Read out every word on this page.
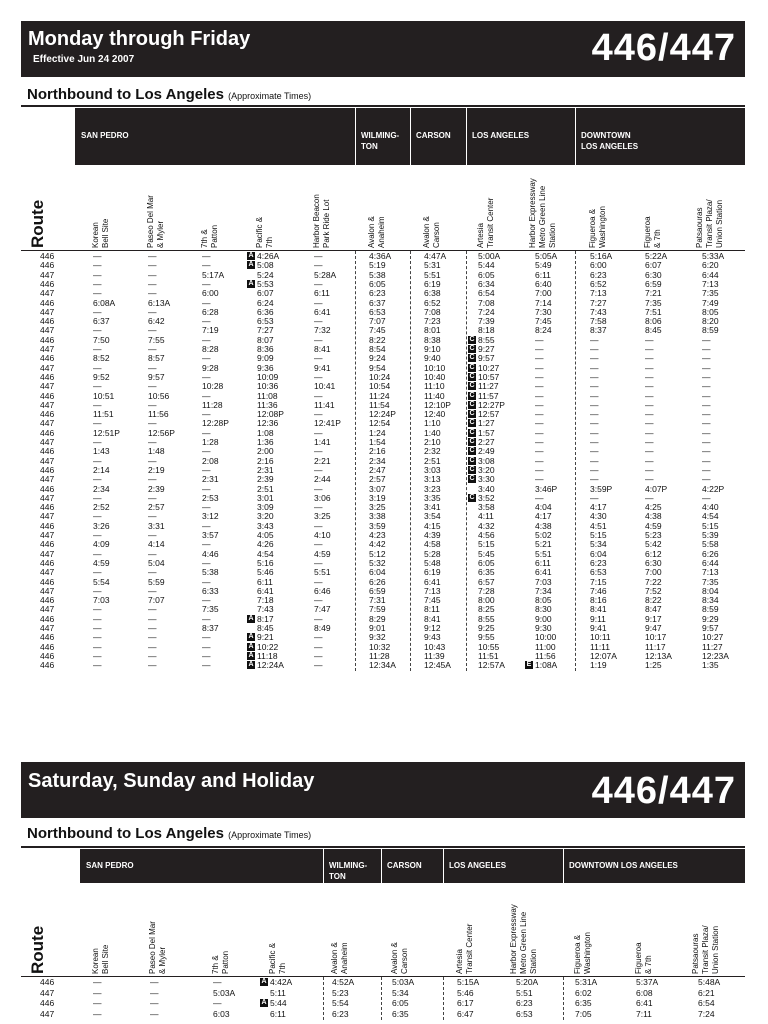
Monday through Friday
Effective Jun 24 2007	446/447
Northbound to Los Angeles (Approximate Times)
SAN PEDRO	WILMING-
TON
CARSON	LOS ANGELES	DOWNTOWN
LOS ANGELES
Route	Korean
Bell Site	Paseo Del Mar
& Myler
7th &
Patton	Pacific &
7th	Harbor Beacon
Park Ride Lot
Avalon &
Anaheim	Avalon &
Carson	Artesia
Transit Center
Harbor Expressway
Metro Green Line
Station	Figueroa &
Washington	Figueroa
& 7th	Patsaouras
Transit Plaza/
Union Station
446	—	—	—	A 4:26A	—	4:36A	4:47A	5:00A	5:05A	5:16A	5:22A	5:33A
446	—	—	—	A 5:08	—	5:19	5:31	5:44	5:49	6:00	6:07	6:20
447	—	—	5:17A	5:24	5:28A	5:38	5:51	6:05	6:11	6:23	6:30	6:44
446	—	—	—	A 5:53	—	6:05	6:19	6:34	6:40	6:52	6:59	7:13
447	—	—	6:00	6:07	6:11	6:23	6:38	6:54	7:00	7:13	7:21	7:35
446	6:08A	6:13A	—	6:24	—	6:37	6:52	7:08	7:14	7:27	7:35	7:49
447	—	—	6:28	6:36	6:41	6:53	7:08	7:24	7:30	7:43	7:51	8:05
446	6:37	6:42	—	6:53	—	7:07	7:23	7:39	7:45	7:58	8:06	8:20
447	—	—	7:19	7:27	7:32	7:45	8:01	8:18	8:24	8:37	8:45	8:59
446	7:50	7:55	—	8:07	—	8:22	8:38	C 8:55	—	—	—	—
447	—	—	8:28	8:36	8:41	8:54	9:10	C 9:27	—	—	—	—
446	8:52	8:57	—	9:09	—	9:24	9:40	C 9:57	—	—	—	—
447	—	—	9:28	9:36	9:41	9:54	10:10	C 10:27	—	—	—	—
446	9:52	9:57	—	10:09	—	10:24	10:40	C 10:57	—	—	—	—
447	—	—	10:28	10:36	10:41	10:54	11:10	C 11:27	—	—	—	—
446	10:51	10:56	—	11:08	—	11:24	11:40	C 11:57	—	—	—	—
447	—	—	11:28	11:36	11:41	11:54	12:10P	C 12:27P	—	—	—	—
446	11:51	11:56	—	12:08P	—	12:24P	12:40	C 12:57	—	—	—	—
447	—	—	12:28P	12:36	12:41P	12:54	1:10	C 1:27	—	—	—	—
446	12:51P	12:56P	—	1:08	—	1:24	1:40	C 1:57	—	—	—	—
447	—	—	1:28	1:36	1:41	1:54	2:10	C 2:27	—	—	—	—
446	1:43	1:48	—	2:00	—	2:16	2:32	C 2:49	—	—	—	—
447	—	—	2:08	2:16	2:21	2:34	2:51	C 3:08	—	—	—	—
446	2:14	2:19	—	2:31	—	2:47	3:03	C 3:20	—	—	—	—
447	—	—	2:31	2:39	2:44	2:57	3:13	C 3:30	—	—	—	—
446	2:34	2:39	—	2:51	—	3:07	3:23	3:40	3:46P	3:59P	4:07P	4:22P
447	—	—	2:53	3:01	3:06	3:19	3:35	C 3:52	—	—	—	—
446	2:52	2:57	—	3:09	—	3:25	3:41	3:58	4:04	4:17	4:25	4:40
447	—	—	3:12	3:20	3:25	3:38	3:54	4:11	4:17	4:30	4:38	4:54
446	3:26	3:31	—	3:43	—	3:59	4:15	4:32	4:38	4:51	4:59	5:15
447	—	—	3:57	4:05	4:10	4:23	4:39	4:56	5:02	5:15	5:23	5:39
446	4:09	4:14	—	4:26	—	4:42	4:58	5:15	5:21	5:34	5:42	5:58
447	—	—	4:46	4:54	4:59	5:12	5:28	5:45	5:51	6:04	6:12	6:26
446	4:59	5:04	—	5:16	—	5:32	5:48	6:05	6:11	6:23	6:30	6:44
447	—	—	5:38	5:46	5:51	6:04	6:19	6:35	6:41	6:53	7:00	7:13
446	5:54	5:59	—	6:11	—	6:26	6:41	6:57	7:03	7:15	7:22	7:35
447	—	—	6:33	6:41	6:46	6:59	7:13	7:28	7:34	7:46	7:52	8:04
446	7:03	7:07	—	7:18	—	7:31	7:45	8:00	8:05	8:16	8:22	8:34
447	—	—	7:35	7:43	7:47	7:59	8:11	8:25	8:30	8:41	8:47	8:59
446	—	—	—	A 8:17	—	8:29	8:41	8:55	9:00	9:11	9:17	9:29
447	—	—	8:37	8:45	8:49	9:01	9:12	9:25	9:30	9:41	9:47	9:57
446	—	—	—	A 9:21	—	9:32	9:43	9:55	10:00	10:11	10:17	10:27
446	—	—	—	A 10:22	—	10:32	10:43	10:55	11:00	11:11	11:17	11:27
446	—	—	—	A 11:18	—	11:28	11:39	11:51	11:56	12:07A	12:13A	12:23A
446	—	—	—	A 12:24A	—	12:34A	12:45A	12:57A	E 1:08A	1:19	1:25	1:35
Saturday, Sunday and Holiday	446/447
Northbound to Los Angeles (Approximate Times)
SAN PEDRO	WILMING-
TON
CARSON	LOS ANGELES	DOWNTOWN LOS ANGELES
Route	Korean
Bell Site	Paseo Del Mar
& Myler
7th &
Patton	Pacific &
7th	Avalon &
Anaheim	Avalon &
Carson	Artesia
Transit Center
Harbor Expressway
Metro Green Line
Station	Figueroa &
Washington	Figueroa
& 7th	Patsaouras
Transit Plaza/
Union Station
446	—	—	—	A 4:42A	4:52A	5:03A	5:15A	5:20A	5:31A	5:37A	5:48A
447	—	—	5:03A	5:11	5:23	5:34	5:46	5:51	6:02	6:08	6:21
446	—	—	—	A 5:44	5:54	6:05	6:17	6:23	6:35	6:41	6:54
447	—	—	6:03	6:11	6:23	6:35	6:47	6:53	7:05	7:11	7:24
